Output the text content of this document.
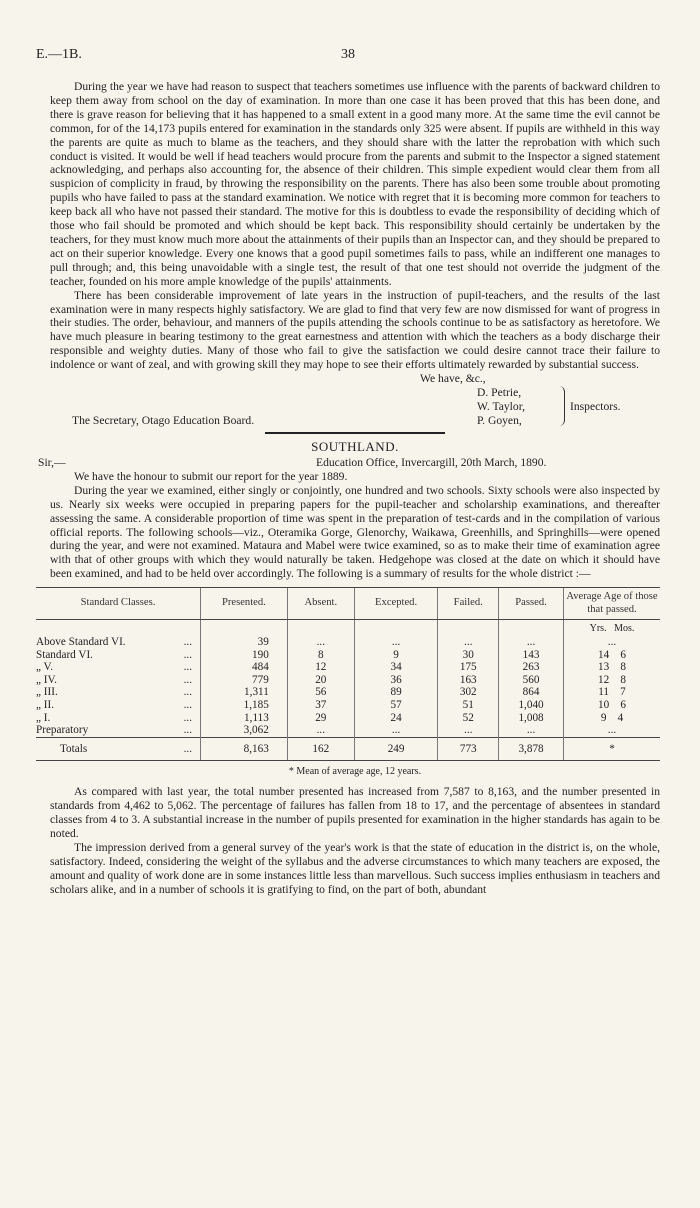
E.—1B.	38

During the year we have had reason to suspect that teachers sometimes use influence with the parents of backward children to keep them away from school on the day of examination. In more than one case it has been proved that this has been done, and there is grave reason for believing that it has happened to a small extent in a good many more. At the same time the evil cannot be common, for of the 14,173 pupils entered for examination in the standards only 325 were absent. If pupils are withheld in this way the parents are quite as much to blame as the teachers, and they should share with the latter the reprobation with which such conduct is visited. It would be well if head teachers would procure from the parents and submit to the Inspector a signed statement acknowledging, and perhaps also accounting for, the absence of their children. This simple expedient would clear them from all suspicion of complicity in fraud, by throwing the responsibility on the parents. There has also been some trouble about promoting pupils who have failed to pass at the standard examination. We notice with regret that it is becoming more common for teachers to keep back all who have not passed their standard. The motive for this is doubtless to evade the responsibility of deciding which of those who fail should be promoted and which should be kept back. This responsibility should certainly be undertaken by the teachers, for they must know much more about the attainments of their pupils than an Inspector can, and they should be prepared to act on their superior knowledge. Every one knows that a good pupil sometimes fails to pass, while an indifferent one manages to pull through; and, this being unavoidable with a single test, the result of that one test should not override the judgment of the teacher, founded on his more ample knowledge of the pupils' attainments.

There has been considerable improvement of late years in the instruction of pupil-teachers, and the results of the last examination were in many respects highly satisfactory. We are glad to find that very few are now dismissed for want of progress in their studies. The order, behaviour, and manners of the pupils attending the schools continue to be as satisfactory as heretofore. We have much pleasure in bearing testimony to the great earnestness and attention with which the teachers as a body discharge their responsible and weighty duties. Many of those who fail to give the satisfaction we could desire cannot trace their failure to indolence or want of zeal, and with growing skill they may hope to see their efforts ultimately rewarded by substantial success.

We have, &c.,
D. Petrie,
Inspectors.
W. Taylor,
The Secretary, Otago Education Board.	P. Goyen,
SOUTHLAND.
Sir,—	Education Office, Invercargill, 20th March, 1890.

We have the honour to submit our report for the year 1889.

During the year we examined, either singly or conjointly, one hundred and two schools. Sixty schools were also inspected by us. Nearly six weeks were occupied in preparing papers for the pupil-teacher and scholarship examinations, and thereafter assessing the same. A considerable proportion of time was spent in the preparation of test-cards and in the compilation of various official reports. The following schools—viz., Oteramika Gorge, Glenorchy, Waikawa, Greenhills, and Springhills—were opened during the year, and were not examined. Mataura and Mabel were twice examined, so as to make their time of examination agree with that of other groups with which they would naturally be taken. Hedgehope was closed at the date on which it should have been examined, and had to be held over accordingly. The following is a summary of results for the whole district :—

Standard Classes.	Presented.	Absent.	Excepted.	Failed.	Passed.	Average Age of those that passed.
						Yrs.   Mos.
Above Standard VI. ...	39	...	...	...	...	...
Standard VI. ...	190	8	9	30	143	14    6
„ V. ...	484	12	34	175	263	13    8
„ IV. ...	779	20	36	163	560	12    8
„ III. ...	1,311	56	89	302	864	11    7
„ II. ...	1,185	37	57	51	1,040	10    6
„ I. ...	1,113	29	24	52	1,008	9    4
Preparatory ...	3,062	...	...	...	...	...
Totals ...	8,163	162	249	773	3,878	*
* Mean of average age, 12 years.

As compared with last year, the total number presented has increased from 7,587 to 8,163, and the number presented in standards from 4,462 to 5,062. The percentage of failures has fallen from 18 to 17, and the percentage of absentees in standard classes from 4 to 3. A substantial increase in the number of pupils presented for examination in the higher standards has again to be noted.

The impression derived from a general survey of the year's work is that the state of education in the district is, on the whole, satisfactory. Indeed, considering the weight of the syllabus and the adverse circumstances to which many teachers are exposed, the amount and quality of work done are in some instances little less than marvellous. Such success implies enthusiasm in teachers and scholars alike, and in a number of schools it is gratifying to find, on the part of both, abundant
